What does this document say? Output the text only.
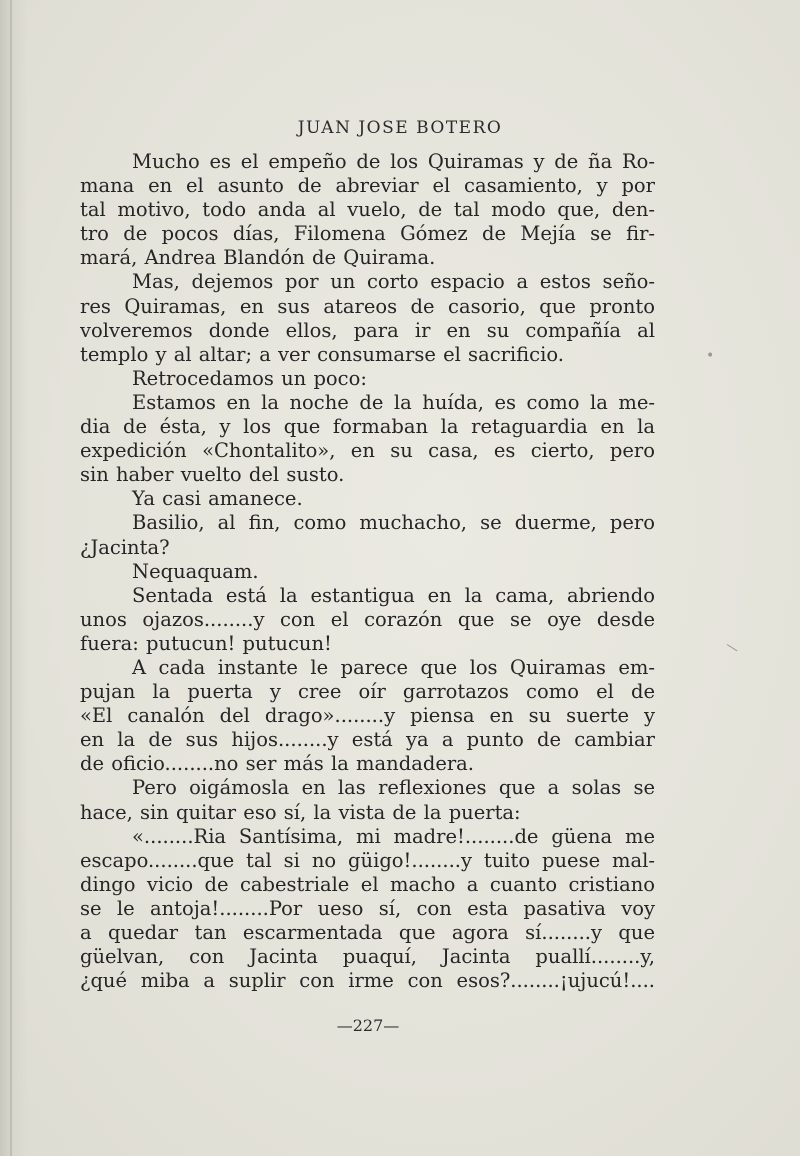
JUAN JOSE BOTERO
Mucho es el empeño de los Quiramas y de ña Ro-
mana en el asunto de abreviar el casamiento, y por
tal motivo, todo anda al vuelo, de tal modo que, den-
tro de pocos días, Filomena Gómez de Mejía se fir-
mará, Andrea Blandón de Quirama.
Mas, dejemos por un corto espacio a estos seño-
res Quiramas, en sus atareos de casorio, que pronto
volveremos donde ellos, para ir en su compañía al
templo y al altar; a ver consumarse el sacrificio.
Retrocedamos un poco:
Estamos en la noche de la huída, es como la me-
dia de ésta, y los que formaban la retaguardia en la
expedición «Chontalito», en su casa, es cierto, pero
sin haber vuelto del susto.
Ya casi amanece.
Basilio, al fin, como muchacho, se duerme, pero
¿Jacinta?
Nequaquam.
Sentada está la estantigua en la cama, abriendo
unos ojazos........y con el corazón que se oye desde
fuera: putucun! putucun!
A cada instante le parece que los Quiramas em-
pujan la puerta y cree oír garrotazos como el de
«El canalón del drago»........y piensa en su suerte y
en la de sus hijos........y está ya a punto de cambiar
de oficio........no ser más la mandadera.
Pero oigámosla en las reflexiones que a solas se
hace, sin quitar eso sí, la vista de la puerta:
«........Ria Santísima, mi madre!........de güena me
escapo........que tal si no güigo!........y tuito puese mal-
dingo vicio de cabestriale el macho a cuanto cristiano
se le antoja!........Por ueso sí, con esta pasativa voy
a quedar tan escarmentada que agora sí........y que
güelvan, con Jacinta puaquí, Jacinta puallí........y,
¿qué miba a suplir con irme con esos?........¡ujucú!....
—227—
•
\
